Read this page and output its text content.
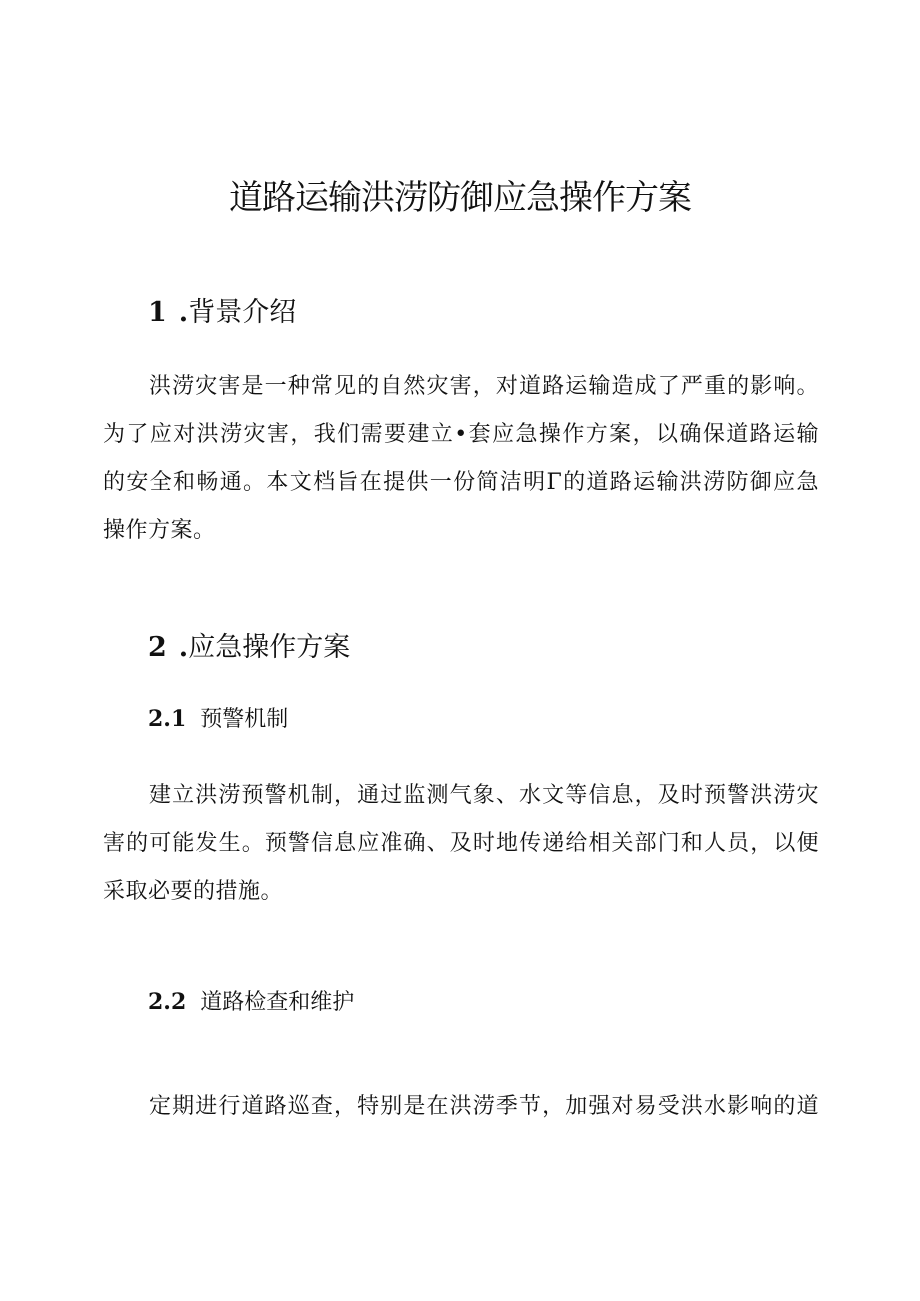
道路运输洪涝防御应急操作方案
1 .背景介绍
洪涝灾害是一种常见的自然灾害，对道路运输造成了严重的影响。
为了应对洪涝灾害，我们需要建立•套应急操作方案，以确保道路运输
的安全和畅通。本文档旨在提供一份简洁明Γ的道路运输洪涝防御应急
操作方案。
2 .应急操作方案
2.1 预警机制
建立洪涝预警机制，通过监测气象、水文等信息，及时预警洪涝灾
害的可能发生。预警信息应准确、及时地传递给相关部门和人员，以便
采取必要的措施。
2.2 道路检查和维护
定期进行道路巡查，特别是在洪涝季节，加强对易受洪水影响的道
